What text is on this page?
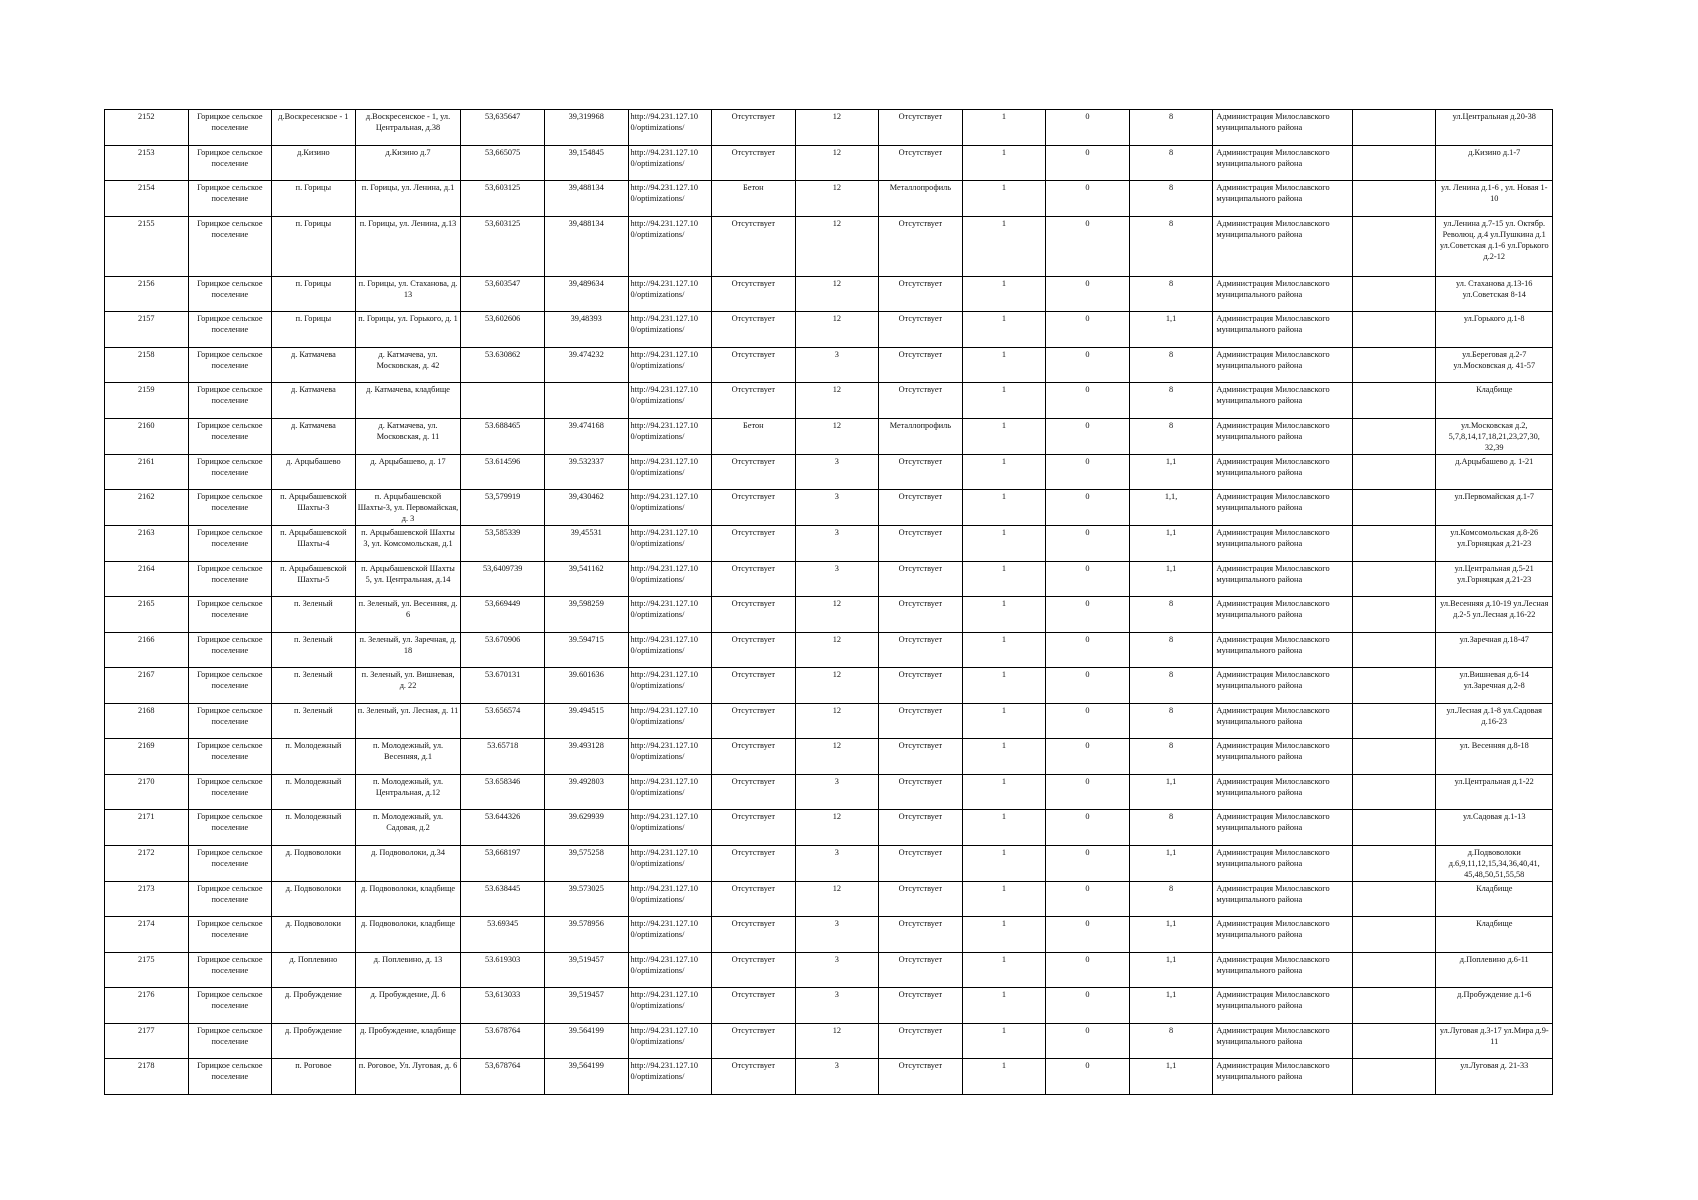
2152	Горицкое сельское поселение	д.Воскресенское - 1	д.Воскресенское - 1, ул. Центральная, д.38	53,635647	39,319968	http://94.231.127.10 0/optimizations/	Отсутствует	12	Отсутствует	1	0	8	Администрация Милославского муниципального района		ул.Центральная д.20-38
2153	Горицкое сельское поселение	д.Кизино	д.Кизино д.7	53,665075	39,154845	http://94.231.127.10 0/optimizations/	Отсутствует	12	Отсутствует	1	0	8	Администрация Милославского муниципального района		д.Кизино д.1-7
2154	Горицкое сельское поселение	п. Горицы	п. Горицы, ул. Ленина, д.1	53,603125	39,488134	http://94.231.127.10 0/optimizations/	Бетон	12	Металлопрофиль	1	0	8	Администрация Милославского муниципального района		ул. Ленина д.1-6 , ул. Новая 1-10
2155	Горицкое сельское поселение	п. Горицы	п. Горицы, ул. Ленина, д.13	53,603125	39,488134	http://94.231.127.10 0/optimizations/	Отсутствует	12	Отсутствует	1	0	8	Администрация Милославского муниципального района		ул.Ленина д.7-15 ул. Октябр. Революц. д.4 ул.Пушкина д.1 ул.Советская д.1-6 ул.Горького д.2-12
2156	Горицкое сельское поселение	п. Горицы	п. Горицы, ул. Стаханова, д. 13	53,603547	39,489634	http://94.231.127.10 0/optimizations/	Отсутствует	12	Отсутствует	1	0	8	Администрация Милославского муниципального района		ул. Стаханова д.13-16 ул.Советская 8-14
2157	Горицкое сельское поселение	п. Горицы	п. Горицы, ул. Горького, д. 1	53,602606	39,48393	http://94.231.127.10 0/optimizations/	Отсутствует	12	Отсутствует	1	0	1,1	Администрация Милославского муниципального района		ул.Горького д.1-8
2158	Горицкое сельское поселение	д. Катмачева	д. Катмачева, ул. Московская, д. 42	53.630862	39.474232	http://94.231.127.10 0/optimizations/	Отсутствует	3	Отсутствует	1	0	8	Администрация Милославского муниципального района		ул.Береговая д.2-7 ул.Московская д. 41-57
2159	Горицкое сельское поселение	д. Катмачева	д. Катмачева, кладбище			http://94.231.127.10 0/optimizations/	Отсутствует	12	Отсутствует	1	0	8	Администрация Милославского муниципального района		Кладбище
2160	Горицкое сельское поселение	д. Катмачева	д. Катмачева, ул. Московская, д. 11	53.688465	39.474168	http://94.231.127.10 0/optimizations/	Бетон	12	Металлопрофиль	1	0	8	Администрация Милославского муниципального района		ул.Московская д.2, 5,7,8,14,17,18,21,23,27,30, 32,39
2161	Горицкое сельское поселение	д. Арцыбашево	д. Арцыбашево, д. 17	53.614596	39.532337	http://94.231.127.10 0/optimizations/	Отсутствует	3	Отсутствует	1	0	1,1	Администрация Милославского муниципального района		д.Арцыбашево д. 1-21
2162	Горицкое сельское поселение	п. Арцыбашевской Шахты-3	п. Арцыбашевской Шахты-3, ул. Первомайская, д. 3	53,579919	39,430462	http://94.231.127.10 0/optimizations/	Отсутствует	3	Отсутствует	1	0	1,1,	Администрация Милославского муниципального района		ул.Первомайская д.1-7
2163	Горицкое сельское поселение	п. Арцыбашевской Шахты-4	п. Арцыбашевской Шахты 3, ул. Комсомольская, д.1	53,585339	39,45531	http://94.231.127.10 0/optimizations/	Отсутствует	3	Отсутствует	1	0	1,1	Администрация Милославского муниципального района		ул.Комсомольская д.8-26 ул.Горняцкая д.21-23
2164	Горицкое сельское поселение	п. Арцыбашевской Шахты-5	п. Арцыбашевской Шахты 5, ул. Центральная, д.14	53,6409739	39,541162	http://94.231.127.10 0/optimizations/	Отсутствует	3	Отсутствует	1	0	1,1	Администрация Милославского муниципального района		ул.Центральная д.5-21 ул.Горняцкая д.21-23
2165	Горицкое сельское поселение	п. Зеленый	п. Зеленый, ул. Весенняя, д. 6	53,669449	39,598259	http://94.231.127.10 0/optimizations/	Отсутствует	12	Отсутствует	1	0	8	Администрация Милославского муниципального района		ул.Весенняя д.10-19 ул.Лесная д.2-5 ул.Лесная д.16-22
2166	Горицкое сельское поселение	п. Зеленый	п. Зеленый, ул. Заречная, д. 18	53.670906	39.594715	http://94.231.127.10 0/optimizations/	Отсутствует	12	Отсутствует	1	0	8	Администрация Милославского муниципального района		ул.Заречная д.18-47
2167	Горицкое сельское поселение	п. Зеленый	п. Зеленый, ул. Вишневая, д. 22	53.670131	39.601636	http://94.231.127.10 0/optimizations/	Отсутствует	12	Отсутствует	1	0	8	Администрация Милославского муниципального района		ул.Вишневая д.6-14 ул.Заречная д.2-8
2168	Горицкое сельское поселение	п. Зеленый	п. Зеленый, ул. Лесная, д. 11	53.656574	39.494515	http://94.231.127.10 0/optimizations/	Отсутствует	12	Отсутствует	1	0	8	Администрация Милославского муниципального района		ул.Лесная д.1-8 ул.Садовая д.16-23
2169	Горицкое сельское поселение	п. Молодежный	п. Молодежный, ул. Весенняя, д.1	53.65718	39.493128	http://94.231.127.10 0/optimizations/	Отсутствует	12	Отсутствует	1	0	8	Администрация Милославского муниципального района		ул. Весенняя д.8-18
2170	Горицкое сельское поселение	п. Молодежный	п. Молодежный, ул. Центральная, д.12	53.658346	39.492803	http://94.231.127.10 0/optimizations/	Отсутствует	3	Отсутствует	1	0	1,1	Администрация Милославского муниципального района		ул.Центральная д.1-22
2171	Горицкое сельское поселение	п. Молодежный	п. Молодежный, ул. Садовая, д.2	53.644326	39.629939	http://94.231.127.10 0/optimizations/	Отсутствует	12	Отсутствует	1	0	8	Администрация Милославского муниципального района		ул.Садовая д.1-13
2172	Горицкое сельское поселение	д. Подвоволоки	д. Подвоволоки, д.34	53,668197	39,575258	http://94.231.127.10 0/optimizations/	Отсутствует	3	Отсутствует	1	0	1,1	Администрация Милославского муниципального района		д.Подвоволоки д.6,9,11,12,15,34,36,40,41, 45,48,50,51,55,58
2173	Горицкое сельское поселение	д. Подвоволоки	д. Подвоволоки, кладбище	53.638445	39.573025	http://94.231.127.10 0/optimizations/	Отсутствует	12	Отсутствует	1	0	8	Администрация Милославского муниципального района		Кладбище
2174	Горицкое сельское поселение	д. Подвоволоки	д. Подвоволоки, кладбище	53.69345	39.578956	http://94.231.127.10 0/optimizations/	Отсутствует	3	Отсутствует	1	0	1,1	Администрация Милославского муниципального района		Кладбище
2175	Горицкое сельское поселение	д. Поплевино	д. Поплевино, д. 13	53.619303	39,519457	http://94.231.127.10 0/optimizations/	Отсутствует	3	Отсутствует	1	0	1,1	Администрация Милославского муниципального района		д.Поплевино д.6-11
2176	Горицкое сельское поселение	д. Пробуждение	д. Пробуждение, Д. 6	53,613033	39,519457	http://94.231.127.10 0/optimizations/	Отсутствует	3	Отсутствует	1	0	1,1	Администрация Милославского муниципального района		д.Пробуждение д.1-6
2177	Горицкое сельское поселение	д. Пробуждение	д. Пробуждение, кладбище	53.678764	39.564199	http://94.231.127.10 0/optimizations/	Отсутствует	12	Отсутствует	1	0	8	Администрация Милославского муниципального района		ул.Луговая д.3-17 ул.Мира д.9-11
2178	Горицкое сельское поселение	п. Роговое	п. Роговое, Ул. Луговая, д. 6	53,678764	39,564199	http://94.231.127.10 0/optimizations/	Отсутствует	3	Отсутствует	1	0	1,1	Администрация Милославского муниципального района		ул.Луговая д. 21-33
